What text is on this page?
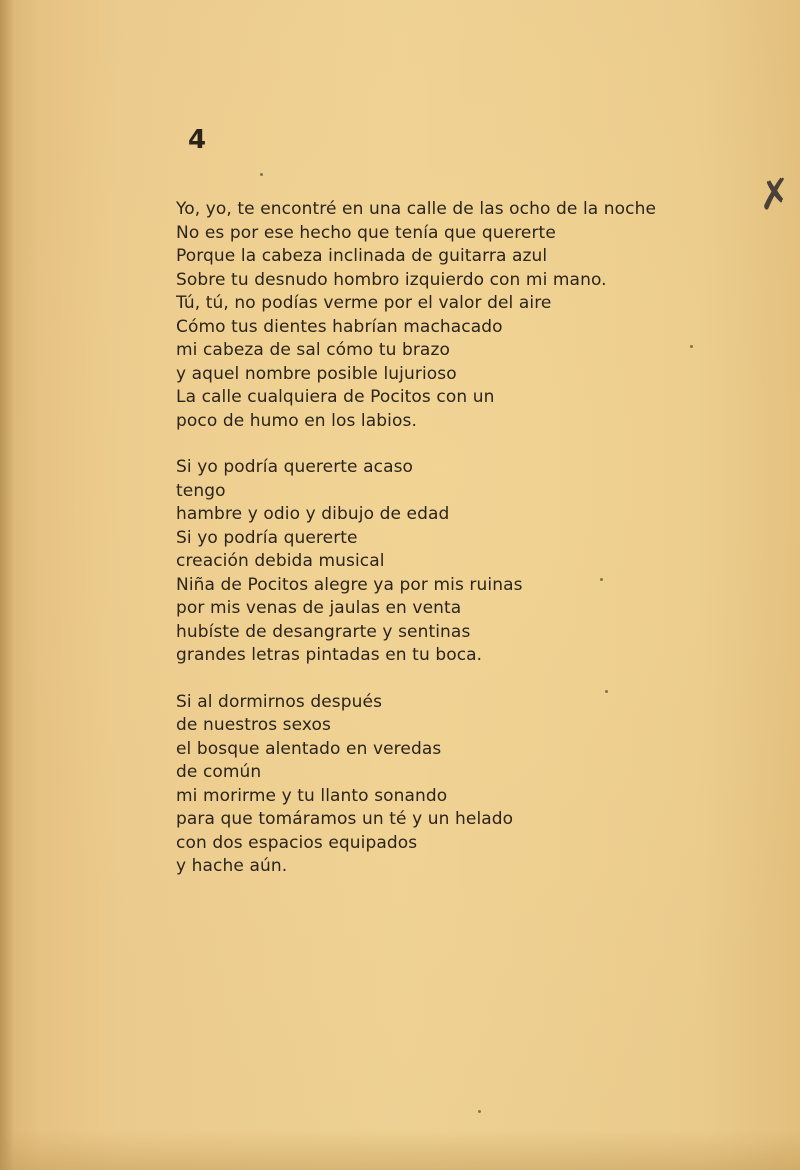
4
✗
Yo, yo, te encontré en una calle de las ocho de la noche
No es por ese hecho que tenía que quererte
Porque la cabeza inclinada de guitarra azul
Sobre tu desnudo hombro izquierdo con mi mano.
Tú, tú, no podías verme por el valor del aire
Cómo tus dientes habrían machacado
mi cabeza de sal cómo tu brazo
y aquel nombre posible lujurioso
La calle cualquiera de Pocitos con un
poco de humo en los labios.
Si yo podría quererte acaso
tengo
hambre y odio y dibujo de edad
Si yo podría quererte
creación debida musical
Niña de Pocitos alegre ya por mis ruinas
por mis venas de jaulas en venta
hubíste de desangrarte y sentinas
grandes letras pintadas en tu boca.
Si al dormirnos después
de nuestros sexos
el bosque alentado en veredas
de común
mi morirme y tu llanto sonando
para que tomáramos un té y un helado
con dos espacios equipados
y hache aún.
